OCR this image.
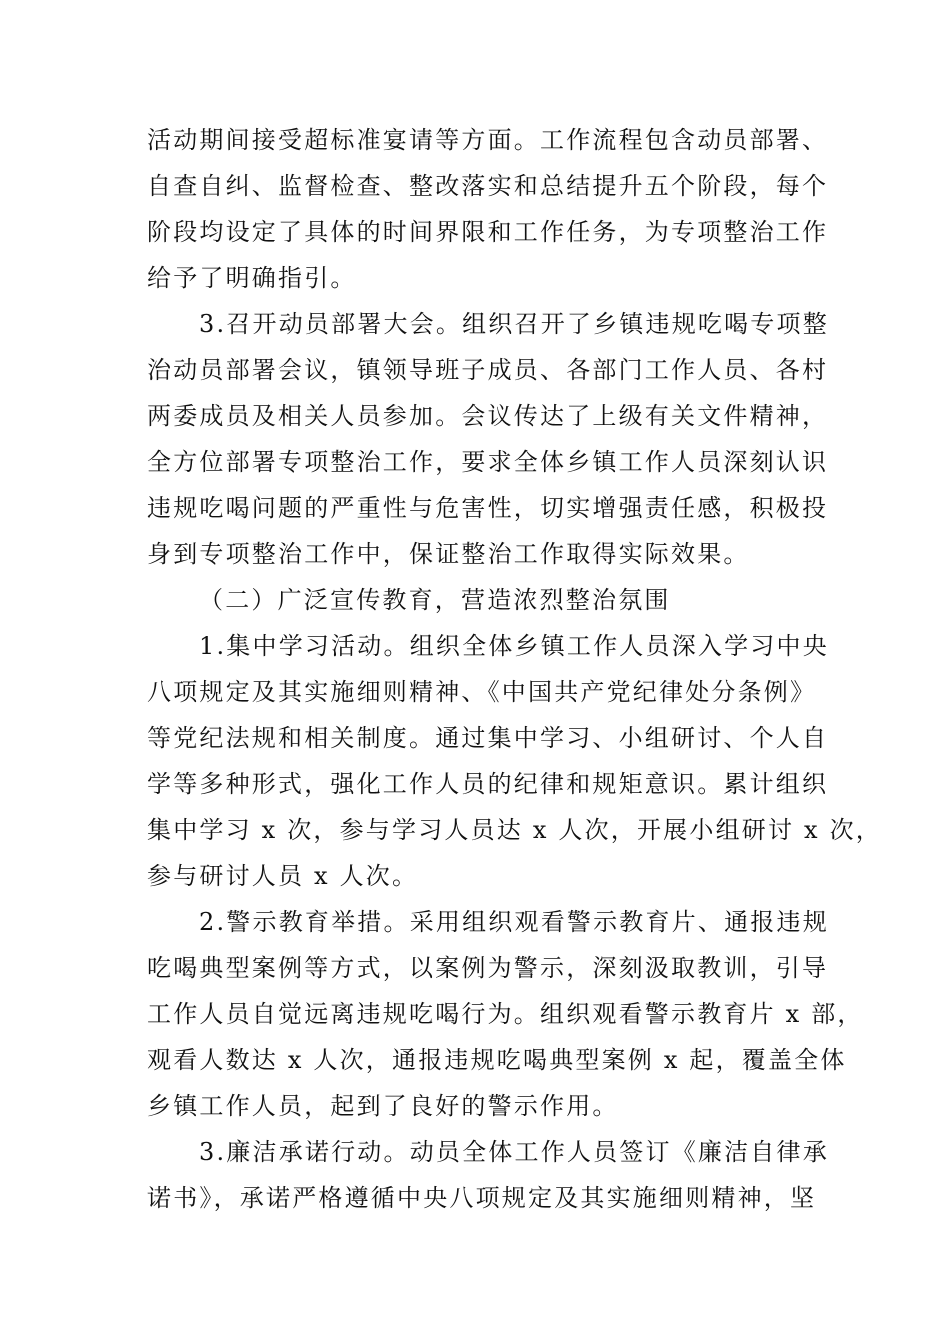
活动期间接受超标准宴请等方面。工作流程包含动员部署、
自查自纠、监督检查、整改落实和总结提升五个阶段，每个
阶段均设定了具体的时间界限和工作任务，为专项整治工作
给予了明确指引。

3.召开动员部署大会。组织召开了乡镇违规吃喝专项整
治动员部署会议，镇领导班子成员、各部门工作人员、各村
两委成员及相关人员参加。会议传达了上级有关文件精神，
全方位部署专项整治工作，要求全体乡镇工作人员深刻认识
违规吃喝问题的严重性与危害性，切实增强责任感，积极投
身到专项整治工作中，保证整治工作取得实际效果。

（二）广泛宣传教育，营造浓烈整治氛围

1.集中学习活动。组织全体乡镇工作人员深入学习中央
八项规定及其实施细则精神、《中国共产党纪律处分条例》
等党纪法规和相关制度。通过集中学习、小组研讨、个人自
学等多种形式，强化工作人员的纪律和规矩意识。累计组织
集中学习 x 次，参与学习人员达 x 人次，开展小组研讨 x 次，
参与研讨人员 x 人次。

2.警示教育举措。采用组织观看警示教育片、通报违规
吃喝典型案例等方式，以案例为警示，深刻汲取教训，引导
工作人员自觉远离违规吃喝行为。组织观看警示教育片 x 部，
观看人数达 x 人次，通报违规吃喝典型案例 x 起，覆盖全体
乡镇工作人员，起到了良好的警示作用。

3.廉洁承诺行动。动员全体工作人员签订《廉洁自律承
诺书》，承诺严格遵循中央八项规定及其实施细则精神，坚
